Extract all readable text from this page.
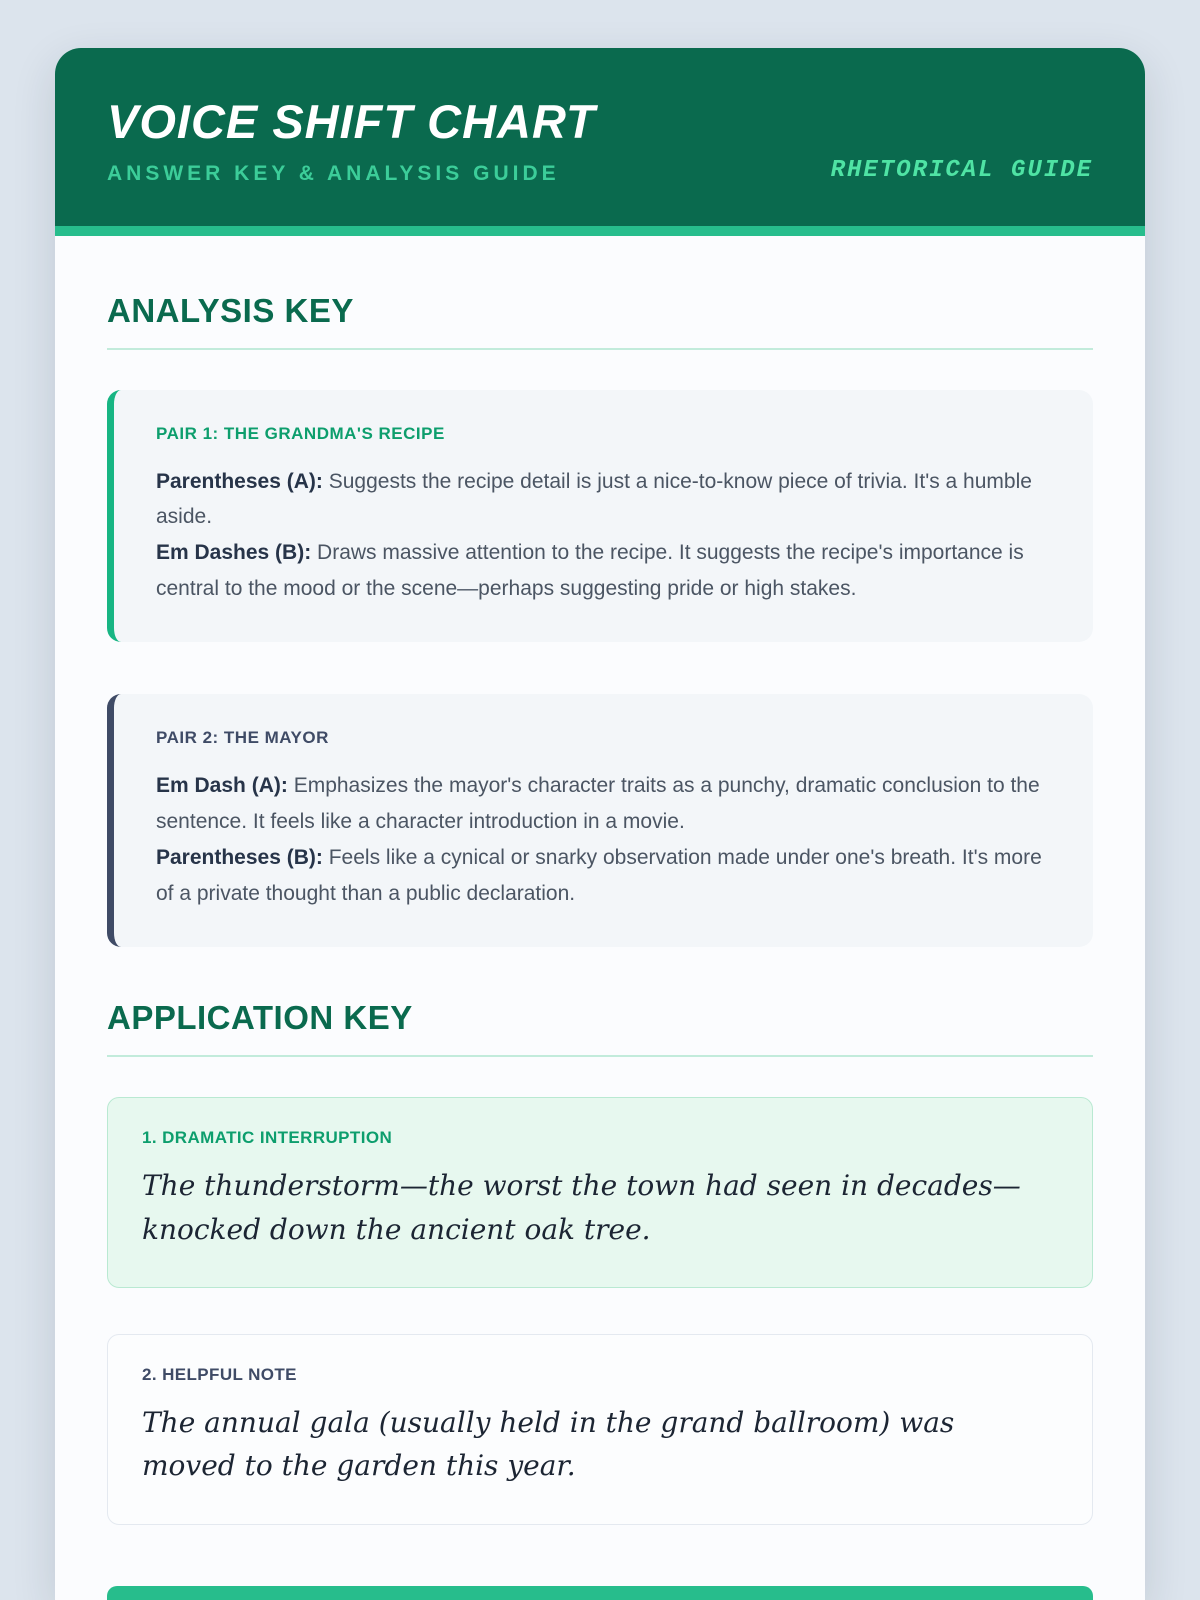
VOICE SHIFT CHART
ANSWER KEY & ANALYSIS GUIDE	RHETORICAL GUIDE
ANALYSIS KEY
PAIR 1: THE GRANDMA'S RECIPE

Parentheses (A): Suggests the recipe detail is just a nice-to-know piece of trivia. It's a humble aside.

Em Dashes (B): Draws massive attention to the recipe. It suggests the recipe's importance is central to the mood or the scene—perhaps suggesting pride or high stakes.

PAIR 2: THE MAYOR

Em Dash (A): Emphasizes the mayor's character traits as a punchy, dramatic conclusion to the sentence. It feels like a character introduction in a movie.

Parentheses (B): Feels like a cynical or snarky observation made under one's breath. It's more of a private thought than a public declaration.

APPLICATION KEY
1. DRAMATIC INTERRUPTION
The thunderstorm—the worst the town had seen in decades—knocked down the ancient oak tree.
2. HELPFUL NOTE
The annual gala (usually held in the grand ballroom) was moved to the garden this year.
